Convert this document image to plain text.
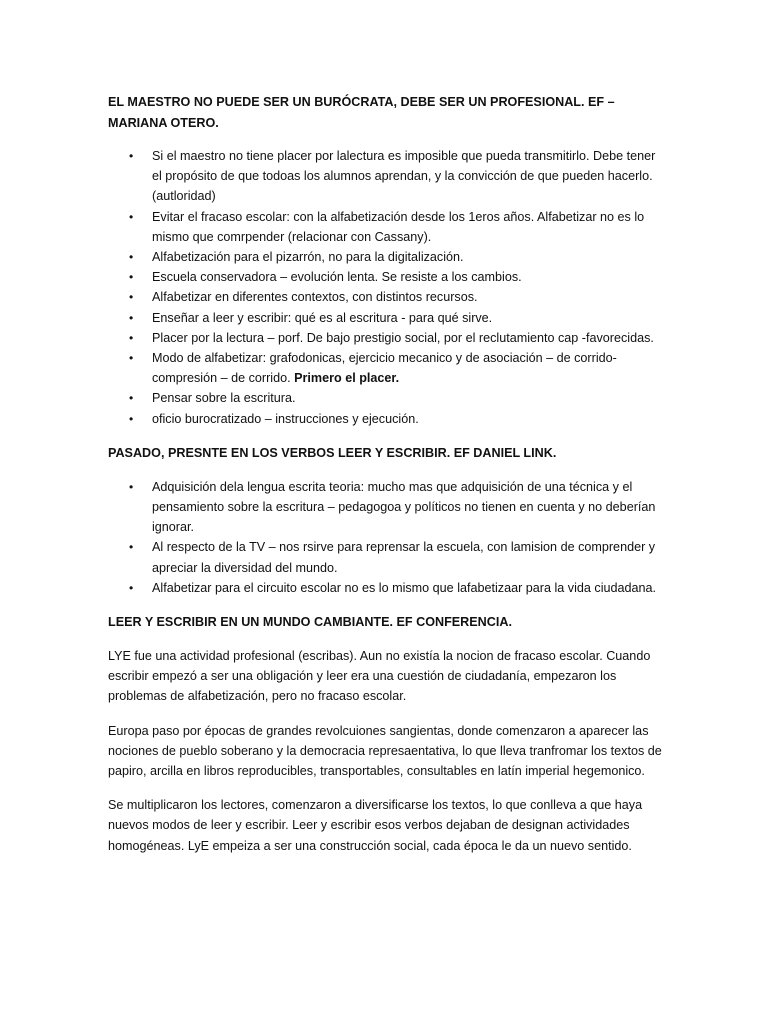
EL MAESTRO NO PUEDE SER UN BURÓCRATA, DEBE SER UN PROFESIONAL. EF – MARIANA OTERO.

• Si el maestro no tiene placer por lalectura es imposible que pueda transmitirlo. Debe tener el propósito de que todoas los alumnos aprendan, y la convicción de que pueden hacerlo. (autloridad)
• Evitar el fracaso escolar: con la alfabetización desde los 1eros años. Alfabetizar no es lo mismo que comrpender (relacionar con Cassany).
• Alfabetización para el pizarrón, no para la digitalización.
• Escuela conservadora – evolución lenta. Se resiste a los cambios.
• Alfabetizar en diferentes contextos, con distintos recursos.
• Enseñar a leer y escribir: qué es al escritura - para qué sirve.
• Placer por la lectura – porf. De bajo prestigio social, por el reclutamiento cap -favorecidas.
• Modo de alfabetizar: grafodonicas, ejercicio mecanico y de asociación – de corrido-compresión – de corrido. Primero el placer.
• Pensar sobre la escritura.
• oficio burocratizado – instrucciones y ejecución.

PASADO, PRESNTE EN LOS VERBOS LEER Y ESCRIBIR. EF DANIEL LINK.

• Adquisición dela lengua escrita teoria: mucho mas que adquisición de una técnica y el pensamiento sobre la escritura – pedagogoa y políticos no tienen en cuenta y no deberían ignorar.
• Al respecto de la TV – nos rsirve para reprensar la escuela, con lamision de comprender y apreciar la diversidad del mundo.
• Alfabetizar para el circuito escolar no es lo mismo que lafabetizaar para la vida ciudadana.

LEER Y ESCRIBIR EN UN MUNDO CAMBIANTE. EF CONFERENCIA.

LYE fue una actividad profesional (escribas). Aun no existía la nocion de fracaso escolar. Cuando escribir empezó a ser una obligación y leer era una cuestión de ciudadanía, empezaron los problemas de alfabetización, pero no fracaso escolar.

Europa paso por épocas de grandes revolcuiones sangientas, donde comenzaron a aparecer las nociones de pueblo soberano y la democracia represaentativa, lo que lleva tranfromar los textos de papiro, arcilla en libros reproducibles, transportables, consultables en latín imperial hegemonico.

Se multiplicaron los lectores, comenzaron a diversificarse los textos, lo que conlleva a que haya nuevos modos de leer y escribir. Leer y escribir esos verbos dejaban de designan actividades homogéneas. LyE empeiza a ser una construcción social, cada época le da un nuevo sentido.
